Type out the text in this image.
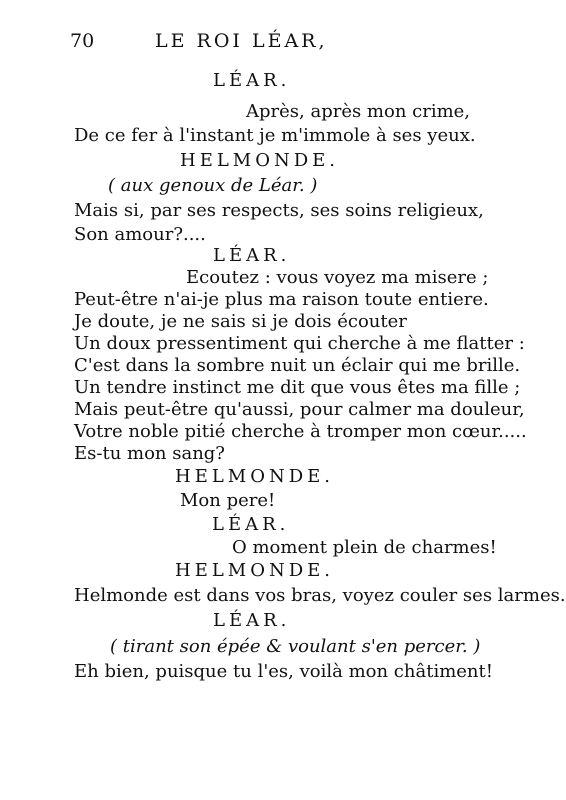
70	LE ROI LÉAR,
LÉAR.
Après, après mon crime,
De ce fer à l'instant je m'immole à ses yeux.
HELMONDE.
( aux genoux de Léar. )
Mais si, par ses respects, ses soins religieux,
Son amour?....
LÉAR.
Ecoutez : vous voyez ma misere ;
Peut-être n'ai-je plus ma raison toute entiere.
Je doute, je ne sais si je dois écouter
Un doux pressentiment qui cherche à me flatter :
C'est dans la sombre nuit un éclair qui me brille.
Un tendre instinct me dit que vous êtes ma fille ;
Mais peut-être qu'aussi, pour calmer ma douleur,
Votre noble pitié cherche à tromper mon cœur.....
Es-tu mon sang?
HELMONDE.
Mon pere!
LÉAR.
O moment plein de charmes!
HELMONDE.
Helmonde est dans vos bras, voyez couler ses larmes.
LÉAR.
( tirant son épée & voulant s'en percer. )
Eh bien, puisque tu l'es, voilà mon châtiment!
